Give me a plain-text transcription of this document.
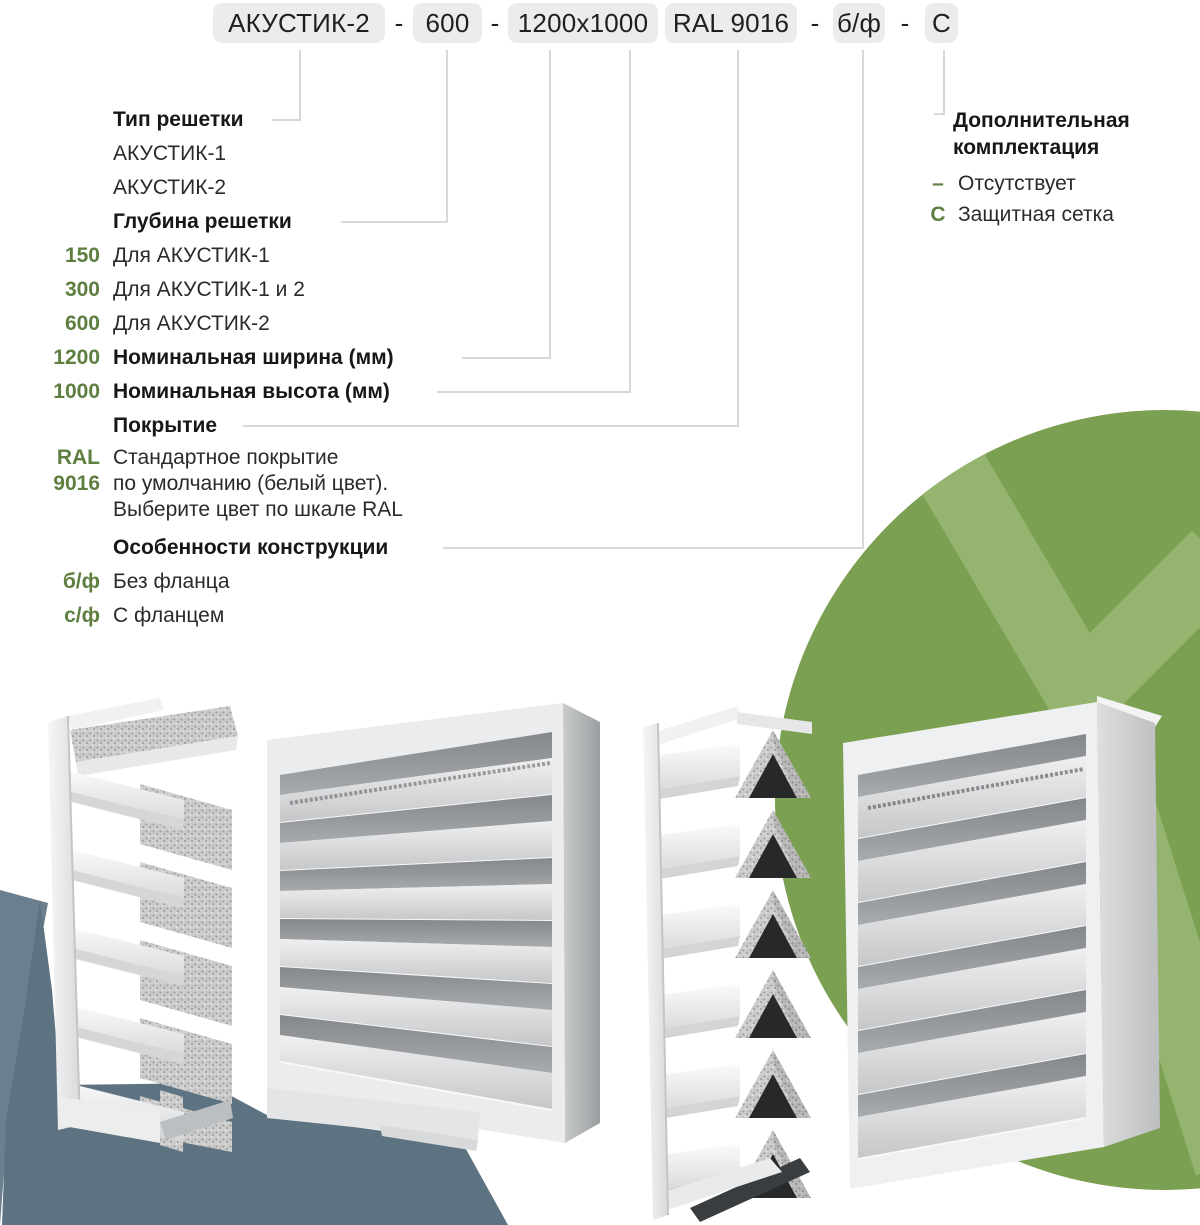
АКУСТИК-2 - 600 - 1200x1000 RAL 9016 - б/ф - С
Тип решетки
АКУСТИК-1
АКУСТИК-2
Глубина решетки
150 Для АКУСТИК-1
300 Для АКУСТИК-1 и 2
600 Для АКУСТИК-2
1200 Номинальная ширина (мм)
1000 Номинальная высота (мм)
Покрытие
RAL Стандартное покрытие
9016 по умолчанию (белый цвет).
Выберите цвет по шкале RAL
Особенности конструкции
б/ф Без фланца
с/ф С фланцем
Дополнительная
комплектация
– Отсутствует
С Защитная сетка
